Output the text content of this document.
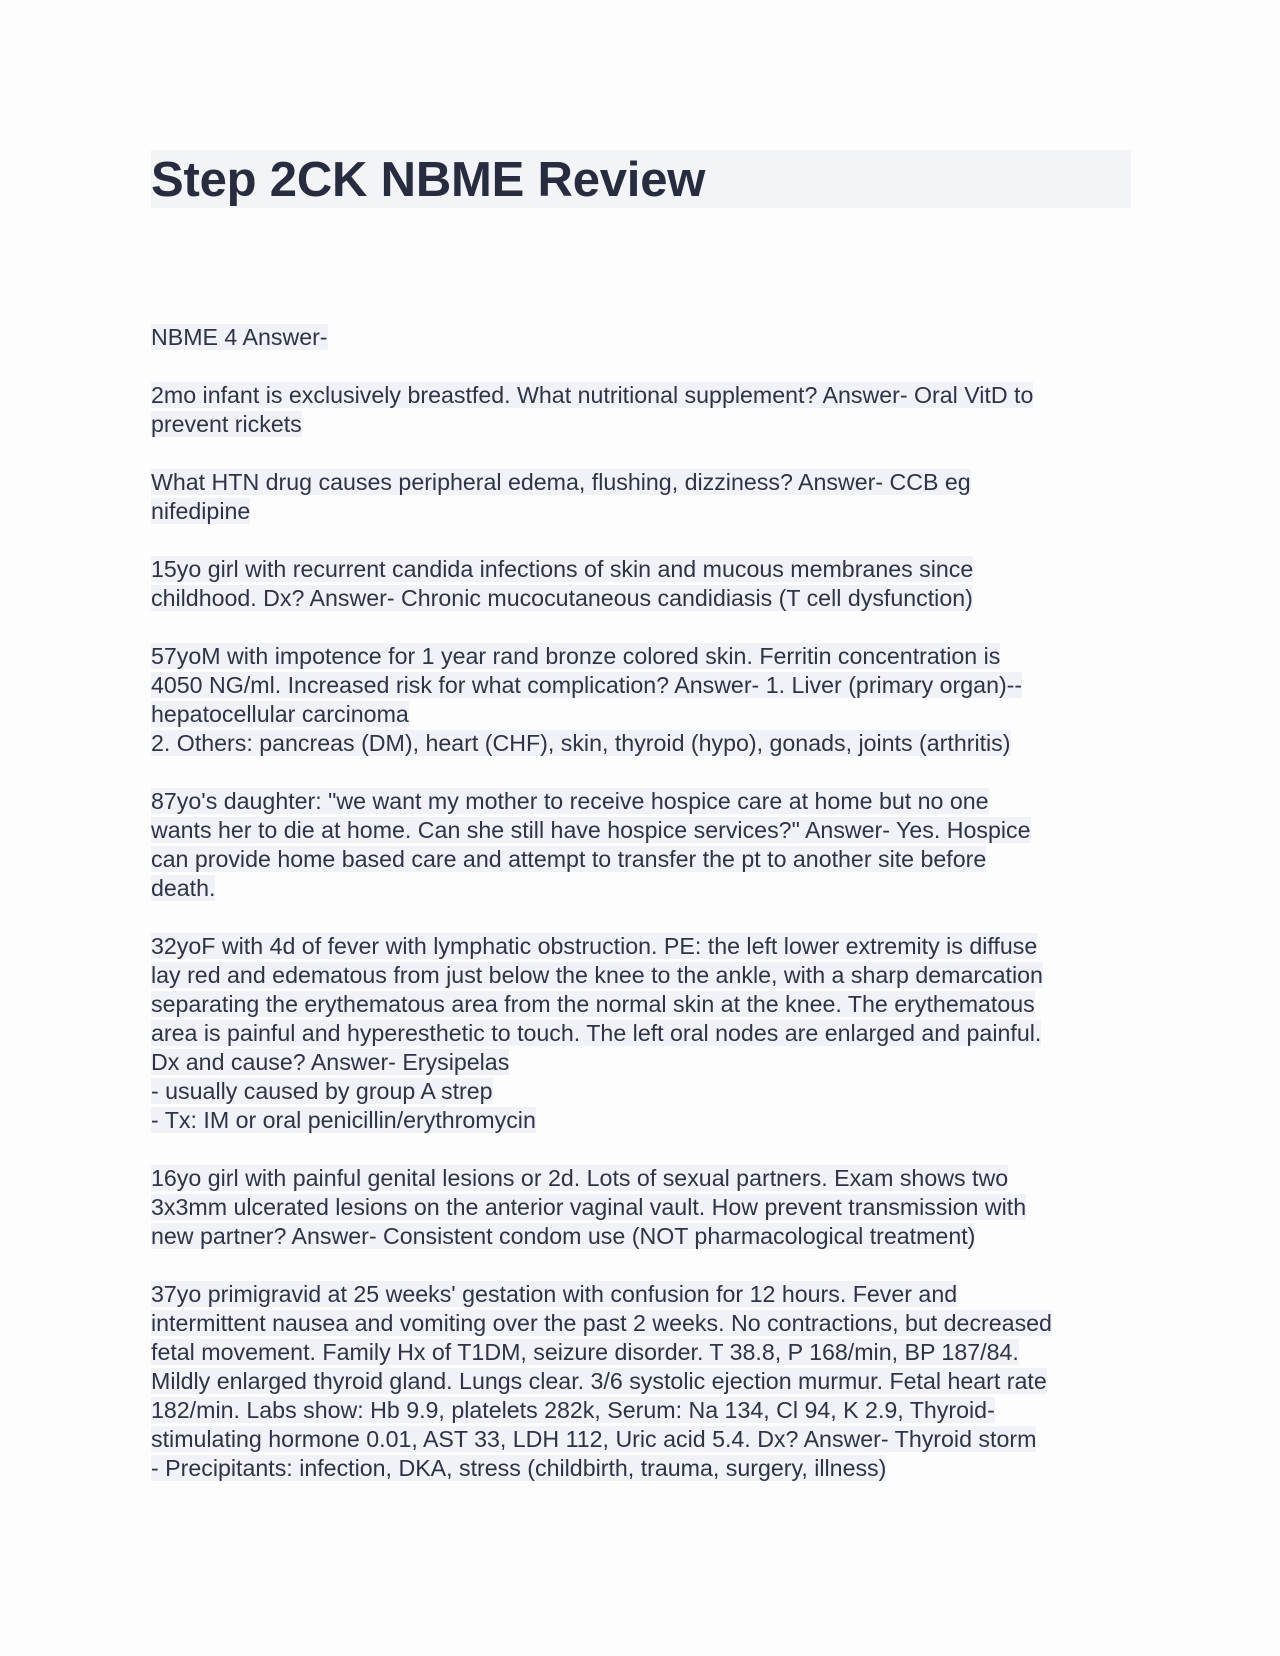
Step 2CK NBME Review

NBME 4 Answer-

2mo infant is exclusively breastfed. What nutritional supplement? Answer- Oral VitD to
prevent rickets

What HTN drug causes peripheral edema, flushing, dizziness? Answer- CCB eg
nifedipine

15yo girl with recurrent candida infections of skin and mucous membranes since
childhood. Dx? Answer- Chronic mucocutaneous candidiasis (T cell dysfunction)

57yoM with impotence for 1 year rand bronze colored skin. Ferritin concentration is
4050 NG/ml. Increased risk for what complication? Answer- 1. Liver (primary organ)--
hepatocellular carcinoma
2. Others: pancreas (DM), heart (CHF), skin, thyroid (hypo), gonads, joints (arthritis)

87yo's daughter: "we want my mother to receive hospice care at home but no one
wants her to die at home. Can she still have hospice services?" Answer- Yes. Hospice
can provide home based care and attempt to transfer the pt to another site before
death.

32yoF with 4d of fever with lymphatic obstruction. PE: the left lower extremity is diffuse
lay red and edematous from just below the knee to the ankle, with a sharp demarcation
separating the erythematous area from the normal skin at the knee. The erythematous
area is painful and hyperesthetic to touch. The left oral nodes are enlarged and painful.
Dx and cause? Answer- Erysipelas
- usually caused by group A strep
- Tx: IM or oral penicillin/erythromycin

16yo girl with painful genital lesions or 2d. Lots of sexual partners. Exam shows two
3x3mm ulcerated lesions on the anterior vaginal vault. How prevent transmission with
new partner? Answer- Consistent condom use (NOT pharmacological treatment)

37yo primigravid at 25 weeks' gestation with confusion for 12 hours. Fever and
intermittent nausea and vomiting over the past 2 weeks. No contractions, but decreased
fetal movement. Family Hx of T1DM, seizure disorder. T 38.8, P 168/min, BP 187/84.
Mildly enlarged thyroid gland. Lungs clear. 3/6 systolic ejection murmur. Fetal heart rate
182/min. Labs show: Hb 9.9, platelets 282k, Serum: Na 134, Cl 94, K 2.9, Thyroid-
stimulating hormone 0.01, AST 33, LDH 112, Uric acid 5.4. Dx? Answer- Thyroid storm
- Precipitants: infection, DKA, stress (childbirth, trauma, surgery, illness)
